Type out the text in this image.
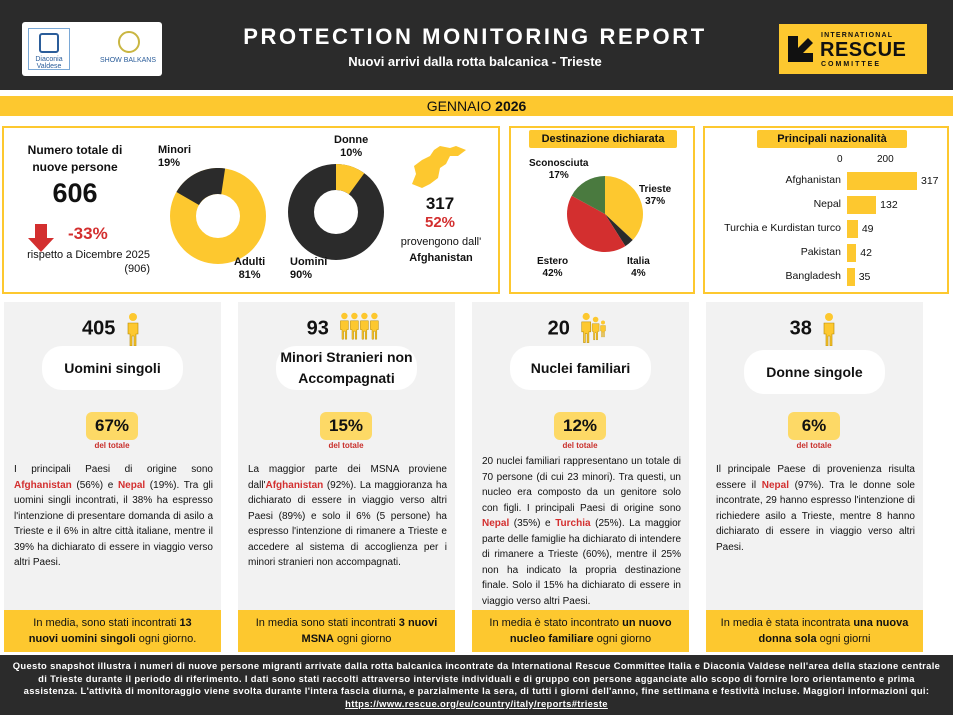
Diaconia Valdese
SHOW BALKANS
PROTECTION MONITORING REPORT
Nuovi arrivi dalla rotta balcanica - Trieste
INTERNATIONAL
RESCUE
COMMITTEE
GENNAIO 2026
Numero totale di nuove persone
606
-33%
rispetto a Dicembre 2025 (906)
Minori
19%
Adulti
81%
Donne
10%
Uomini
90%
317
52%
provengono dall'
Afghanistan
Destinazione dichiarata
Sconosciuta
17%
Trieste
37%
Estero
42%
Italia
4%
Principali nazionalità
0	200
Afghanistan	317
Nepal	132
Turchia e Kurdistan turco 49
Pakistan 42
Bangladesh 35
405
Uomini singoli
67%
del totale
I principali Paesi di origine sono Afghanistan (56%) e Nepal (19%). Tra gli uomini singli incontrati, il 38% ha espresso l'intenzione di presentare domanda di asilo a Trieste e il 6% in altre città italiane, mentre il 39% ha dichiarato di essere in viaggio verso altri Paesi.
In media, sono stati incontrati 13 nuovi uomini singoli ogni giorno.
93
Minori Stranieri non Accompagnati
15%
del totale
La maggior parte dei MSNA proviene dall'Afghanistan (92%). La maggioranza ha dichiarato di essere in viaggio verso altri Paesi (89%) e solo il 6% (5 persone) ha espresso l'intenzione di rimanere a Trieste e accedere al sistema di accoglienza per i minori stranieri non accompagnati.
In media sono stati incontrati 3 nuovi MSNA ogni giorno
20
Nuclei familiari
12%
del totale
20 nuclei familiari rappresentano un totale di 70 persone (di cui 23 minori). Tra questi, un nucleo era composto da un genitore solo con figli. I principali Paesi di origine sono Nepal (35%) e Turchia (25%). La maggior parte delle famiglie ha dichiarato di intendere di rimanere a Trieste (60%), mentre il 25% non ha indicato la propria destinazione finale. Solo il 15% ha dichiarato di essere in viaggio verso altri Paesi.
In media è stato incontrato un nuovo nucleo familiare ogni giorno
38
Donne singole
6%
del totale
Il principale Paese di provenienza risulta essere il Nepal (97%). Tra le donne sole incontrate, 29 hanno espresso l'intenzione di richiedere asilo a Trieste, mentre 8 hanno dichiarato di essere in viaggio verso altri Paesi.
In media è stata incontrata una nuova donna sola ogni giorni
Questo snapshot illustra i numeri di nuove persone migranti arrivate dalla rotta balcanica incontrate da International Rescue Committee Italia e Diaconia Valdese nell'area della stazione centrale di Trieste durante il periodo di riferimento. I dati sono stati raccolti attraverso interviste individuali e di gruppo con persone agganciate allo scopo di fornire loro orientamento e prima assistenza. L'attività di monitoraggio viene svolta durante l'intera fascia diurna, e parzialmente la sera, di tutti i giorni dell'anno, fine settimana e festività incluse. Maggiori informazioni qui: https://www.rescue.org/eu/country/italy/reports#trieste
